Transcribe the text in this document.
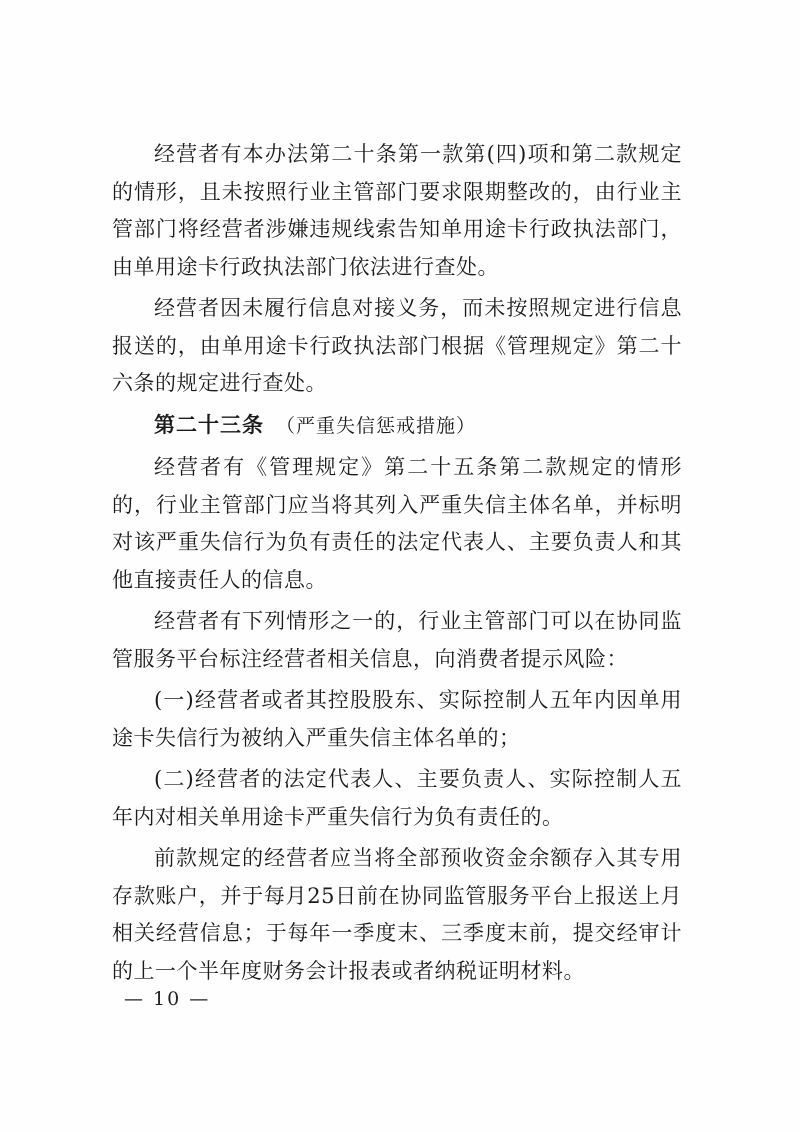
经营者有本办法第二十条第一款第(四)项和第二款规定的情形，且未按照行业主管部门要求限期整改的，由行业主管部门将经营者涉嫌违规线索告知单用途卡行政执法部门，由单用途卡行政执法部门依法进行查处。

经营者因未履行信息对接义务，而未按照规定进行信息报送的，由单用途卡行政执法部门根据《管理规定》第二十六条的规定进行查处。

第二十三条 （严重失信惩戒措施）

经营者有《管理规定》第二十五条第二款规定的情形的，行业主管部门应当将其列入严重失信主体名单，并标明对该严重失信行为负有责任的法定代表人、主要负责人和其他直接责任人的信息。

经营者有下列情形之一的，行业主管部门可以在协同监管服务平台标注经营者相关信息，向消费者提示风险：

(一)经营者或者其控股股东、实际控制人五年内因单用途卡失信行为被纳入严重失信主体名单的；

(二)经营者的法定代表人、主要负责人、实际控制人五年内对相关单用途卡严重失信行为负有责任的。

前款规定的经营者应当将全部预收资金余额存入其专用存款账户，并于每月25日前在协同监管服务平台上报送上月相关经营信息；于每年一季度末、三季度末前，提交经审计的上一个半年度财务会计报表或者纳税证明材料。

— 10 —
